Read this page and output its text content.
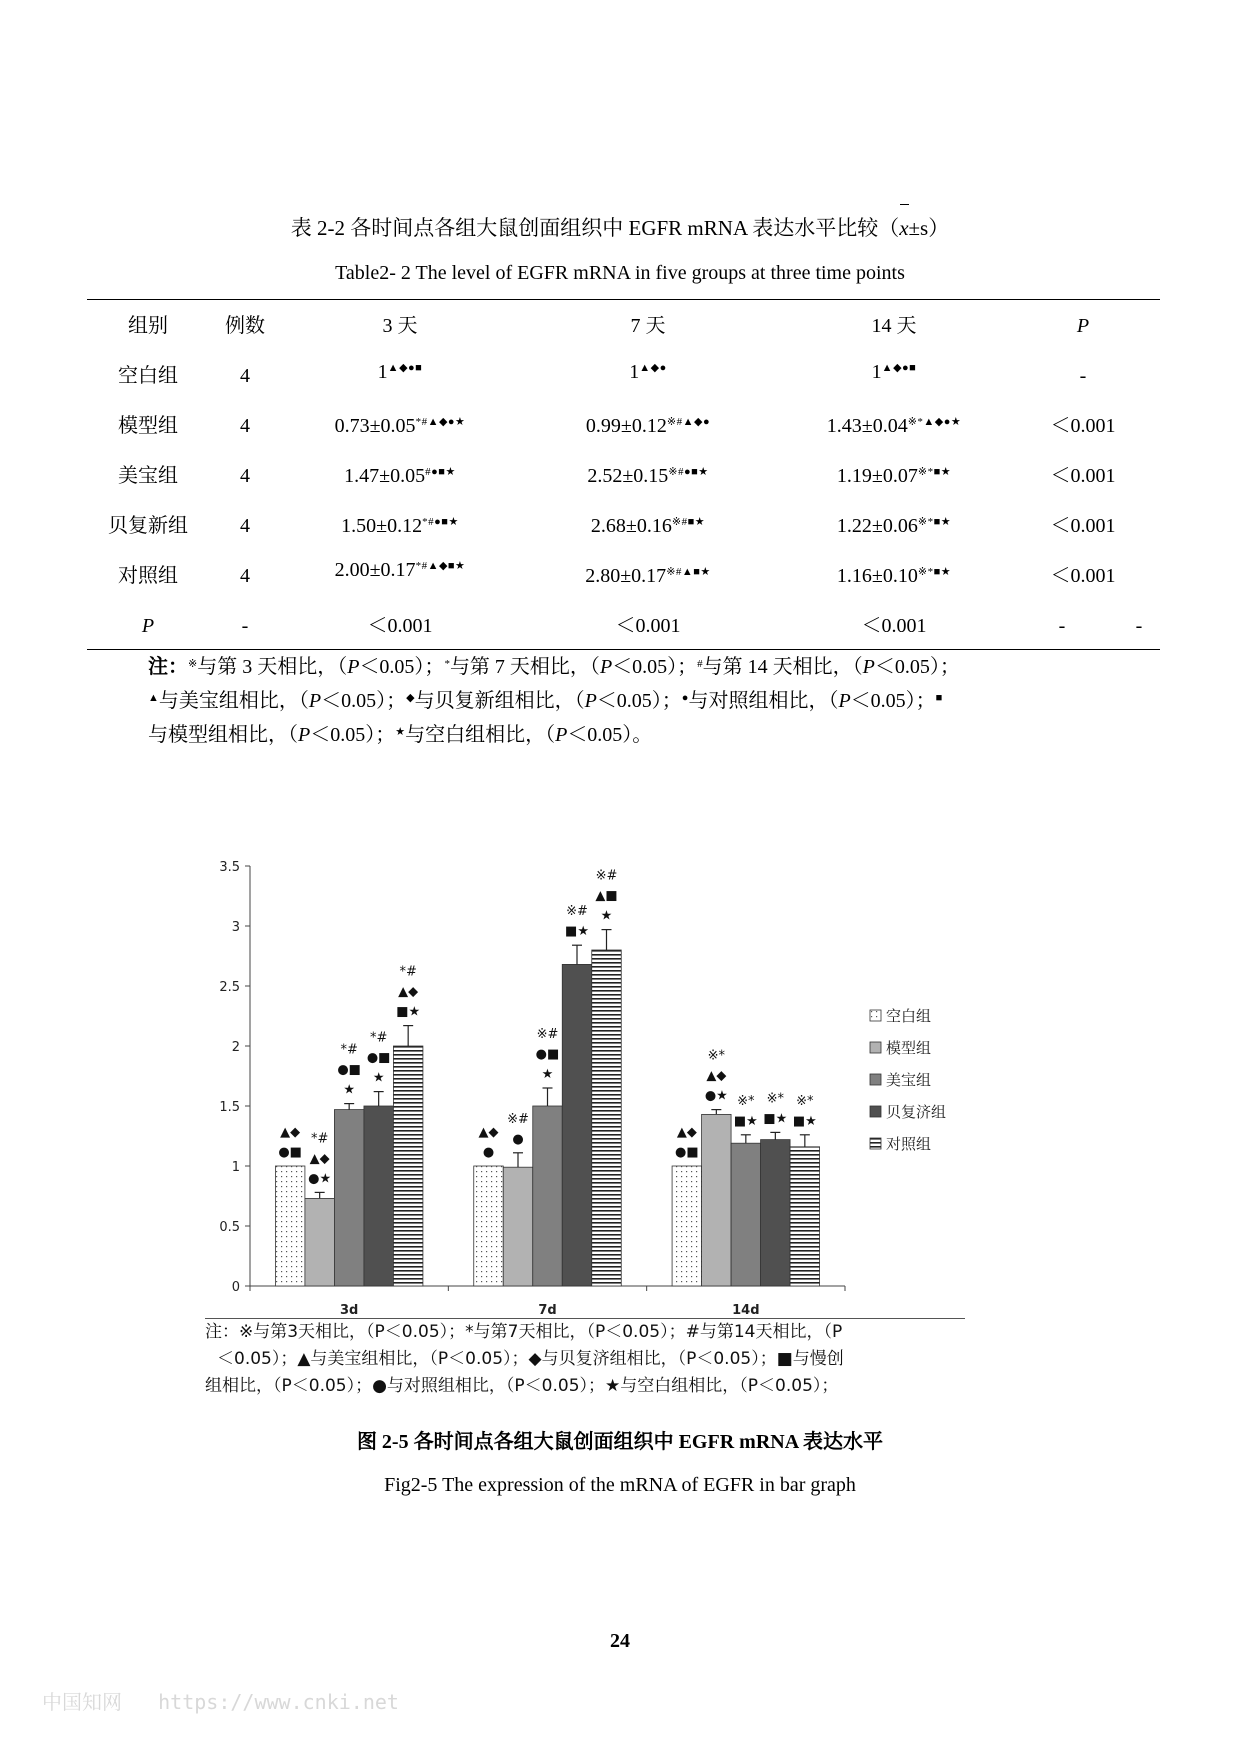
表 2-2 各时间点各组大鼠创面组织中 EGFR mRNA 表达水平比较（x±s）
Table2- 2 The level of EGFR mRNA in five groups at three time points
组别	例数	3 天	7 天	14 天	P
空白组	4	1▲◆●■	1▲◆●	1▲◆●■	-
模型组	4	0.73±0.05*#▲◆●★	0.99±0.12※#▲◆●	1.43±0.04※*▲◆●★	＜0.001
美宝组	4	1.47±0.05#●■★	2.52±0.15※#●■★	1.19±0.07※*■★	＜0.001
贝复新组	4	1.50±0.12*#●■★	2.68±0.16※#■★	1.22±0.06※*■★	＜0.001
对照组	4	2.00±0.17*#▲◆■★	2.80±0.17※#▲■★	1.16±0.10※*■★	＜0.001
P	-	＜0.001	＜0.001	＜0.001	-	-
注：※与第 3 天相比，（P＜0.05）；*与第 7 天相比，（P＜0.05）；#与第 14 天相比，（P＜0.05）；
▲与美宝组相比，（P＜0.05）；◆与贝复新组相比，（P＜0.05）；●与对照组相比，（P＜0.05）；■
与模型组相比，（P＜0.05）；★与空白组相比，（P＜0.05）。
0
0.5
1
1.5
2
2.5
3
3.5
3d	7d	14d
●■
▲◆
●★
▲◆
*#
★
●■
*#
★
●■
*#
■★
▲◆
*#
●
▲◆ ●
※#
★
●■
※#
■★
※# ★
▲■
※#
●■
▲◆
●★
▲◆
※*
■★
※*
■★
※*
■★
※*
空白组
模型组
美宝组
贝复济组
对照组
注：※与第3天相比，（P＜0.05）；*与第7天相比，（P＜0.05）；#与第14天相比，（P
＜0.05）；▲与美宝组相比，（P＜0.05）；◆与贝复济组相比，（P＜0.05）；■与慢创
组相比，（P＜0.05）；●与对照组相比，（P＜0.05）；★与空白组相比，（P＜0.05）；
图 2-5 各时间点各组大鼠创面组织中 EGFR mRNA 表达水平
Fig2-5 The expression of the mRNA of EGFR in bar graph
24
中国知网   https://www.cnki.net
